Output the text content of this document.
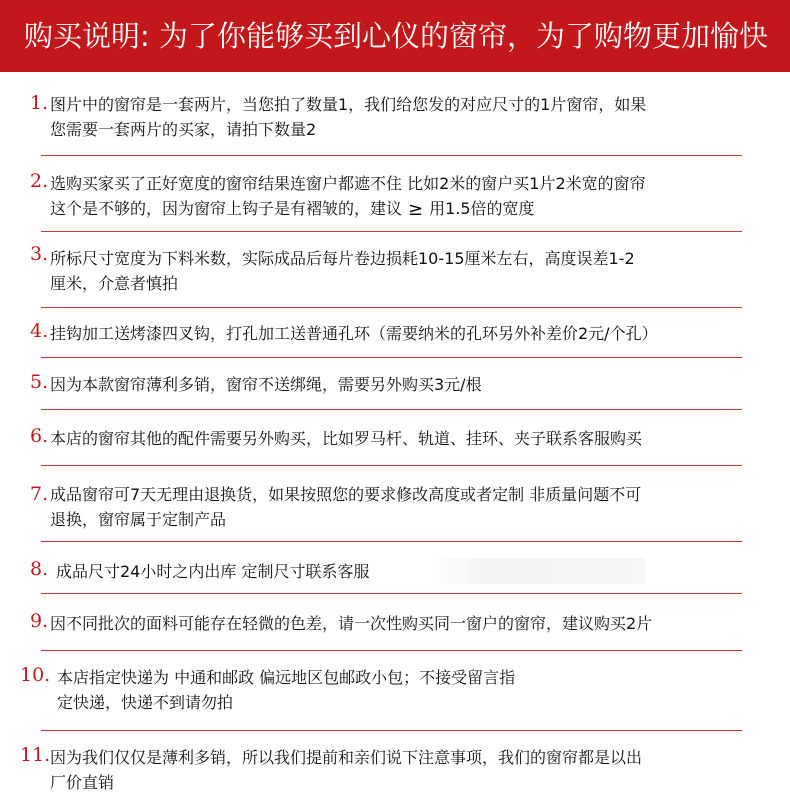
购买说明: 为了你能够买到心仪的窗帘，为了购物更加愉快
1. 图片中的窗帘是一套两片，当您拍了数量1，我们给您发的对应尺寸的1片窗帘，如果
您需要一套两片的买家，请拍下数量2
2. 选购买家买了正好宽度的窗帘结果连窗户都遮不住 比如2米的窗户买1片2米宽的窗帘
这个是不够的，因为窗帘上钩子是有褶皱的，建议 ≥ 用1.5倍的宽度
3. 所标尺寸宽度为下料米数，实际成品后每片卷边损耗10-15厘米左右，高度误差1-2
厘米，介意者慎拍
4. 挂钩加工送烤漆四叉钩，打孔加工送普通孔环（需要纳米的孔环另外补差价2元/个孔）
5. 因为本款窗帘薄利多销，窗帘不送绑绳，需要另外购买3元/根
6. 本店的窗帘其他的配件需要另外购买，比如罗马杆、轨道、挂环、夹子联系客服购买
7. 成品窗帘可7天无理由退换货，如果按照您的要求修改高度或者定制 非质量问题不可
退换，窗帘属于定制产品
8. 成品尺寸24小时之内出库 定制尺寸联系客服
9. 因不同批次的面料可能存在轻微的色差，请一次性购买同一窗户的窗帘，建议购买2片
10. 本店指定快递为 中通和邮政 偏远地区包邮政小包；不接受留言指
定快递，快递不到请勿拍
11. 因为我们仅仅是薄利多销，所以我们提前和亲们说下注意事项，我们的窗帘都是以出
厂价直销
